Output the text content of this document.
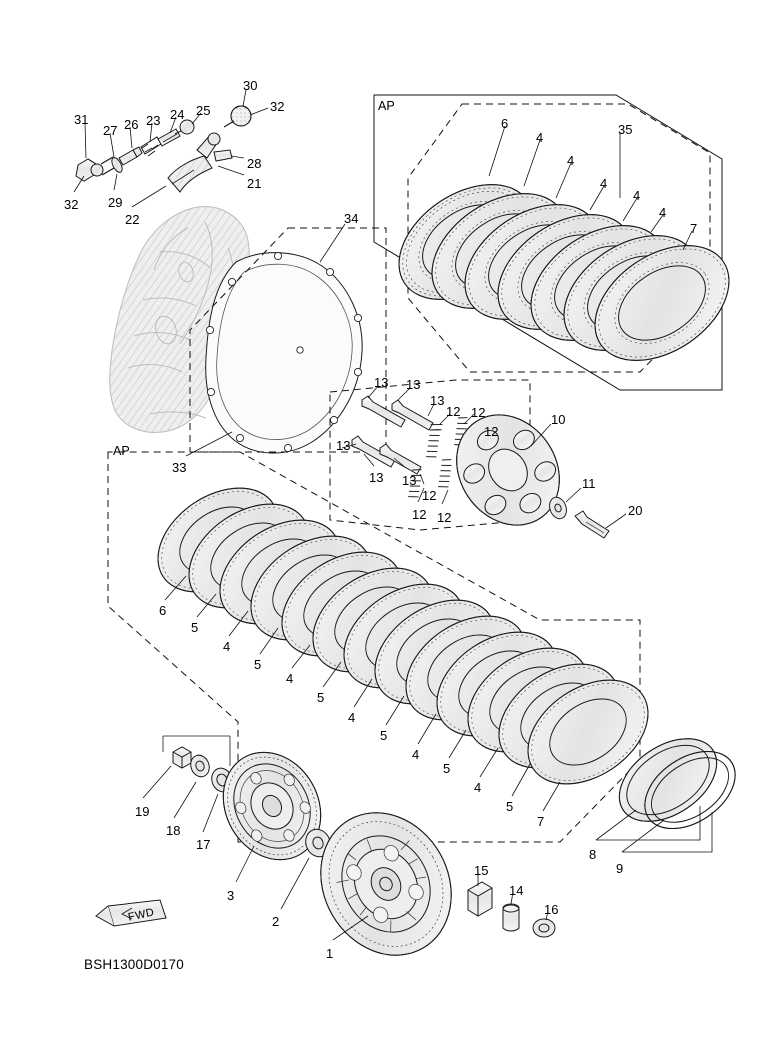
30
32
31
27 26 23 24 25
28
21
32 29
22
6
4
35
4
4
4
4
7
34
13 13
13
12 12
12
10
13
13 13
12
12 12
11
20
33
6
5
4
5
4
5
4
5
4
5
4
5
7
19
18
17
3
2
1
15
14
16
8
9
AP
AP
FWD
BSH1300D0170
